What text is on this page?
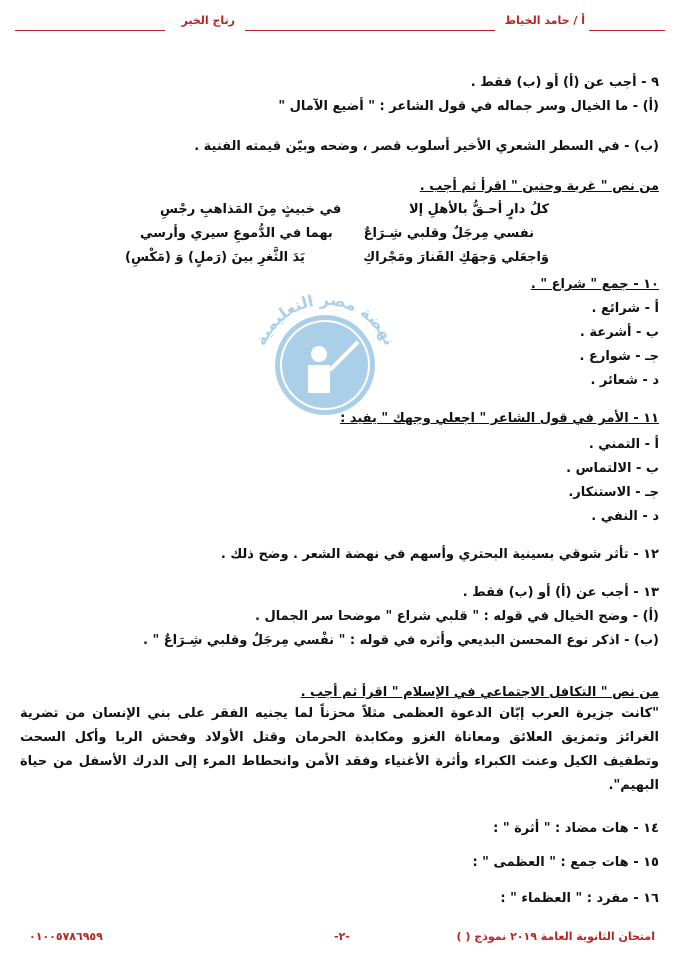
أ / حامد الخياط
رتاج الخير
نهضة مصر التعليمية
٩ - أجب عن (أ) أو (ب) فقط .
(أ) - ما الخيال وسر جماله في قول الشاعر : " أضيع الآمال "
(ب) - في السطر الشعري الأخير أسلوب قصر ، وضحه وبيّن قيمته الفنية .
من نص " غربة وحنين " اقرأ ثم أجب .
كلُ دارٍ أحـقُّ بالأهلِ إلا
في خبيثٍ مِنَ المَذاهبِ رجْسِ
نفسي مِرجَلٌ وقلبي شِـرَاعٌ
بهما في الدُّموعِ سيري وأرسي
وَاجعَلي وَجهَكِ الفَنارَ ومَجْراكِ
يَدَ الثَّغرِ بينَ (رَملٍ) وَ (مَكْسِ)
١٠ - جمع " شراع " .
أ - شرائع .
ب - أشرعة .
جـ - شوارع .
د - شعائر .
١١ - الأمر في قول الشاعر " اجعلي وجهك " يفيد :
أ - التمني .
ب - الالتماس .
جـ - الاستنكار.
د - النفي .
١٢ - تأثر شوقي بسينية البحتري وأسهم في نهضة الشعر . وضح ذلك .
١٣ - أجب عن (أ) أو (ب) فقط .
(أ) - وضح الخيال في قوله : " قلبي شراع " موضحا سر الجمال .
(ب) - اذكر نوع المحسن البديعي وأثره في قوله : " نفْسي مِرجَلٌ وقلبي شِـرَاعٌ " .
من نص " التكافل الاجتماعي في الإسلام " اقرأ ثم أجب .
"كانت جزيرة العرب إبّان الدعوة العظمى مثلاً محزناً لما يجنيه الفقر على بني الإنسان من تضرية الغرائز وتمزيق العلائق ومعاناة الغزو ومكابدة الحرمان وقتل الأولاد وفحش الربا وأكل السحت وتطفيف الكيل وعنت الكبراء وأثرة الأغنياء وفقد الأمن وانحطاط المرء إلى الدرك الأسفل من حياة البهيم".
١٤ - هات مضاد : " أثرة " :
١٥ - هات جمع : " العظمى " :
١٦ - مفرد : " العظماء " :
امتحان الثانوية العامة ٢٠١٩ نموذج ( )
-٢-
٠١٠٠٥٧٨٦٩٥٩
